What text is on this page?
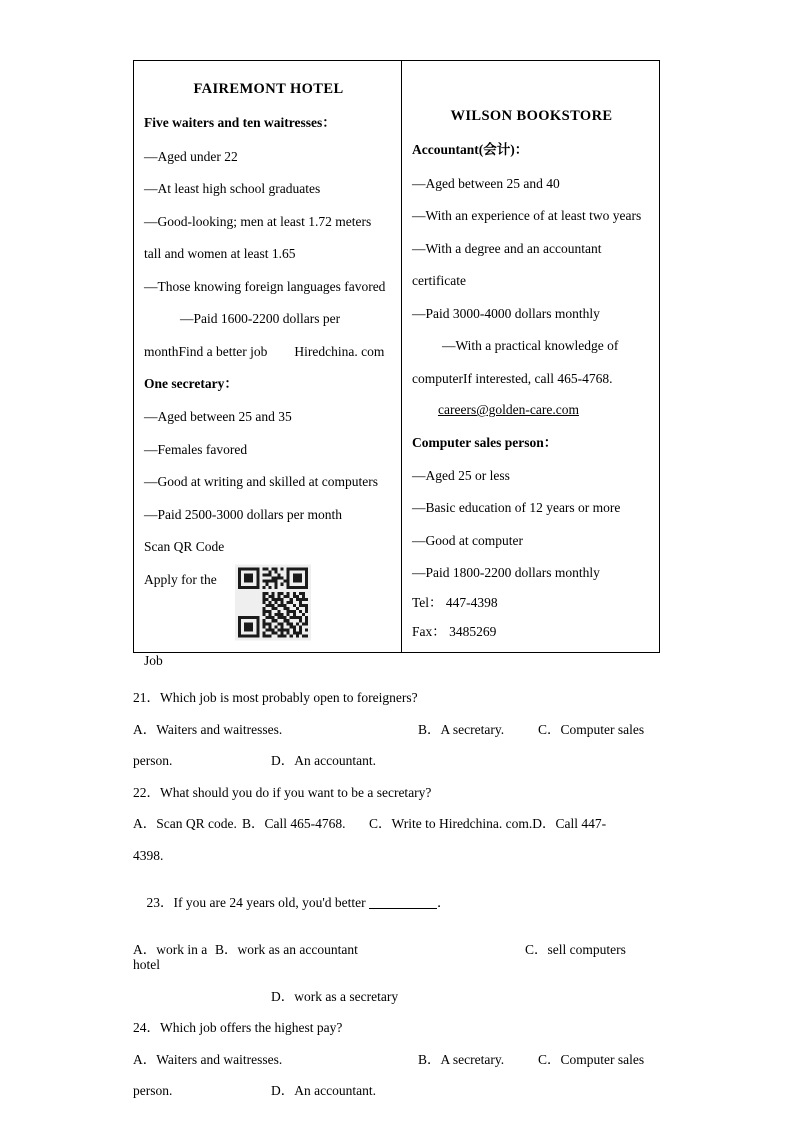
FAIREMONT HOTEL
Five waiters and ten waitresses：
—Aged under 22
—At least high school graduates
—Good-looking; men at least 1.72 meters
tall and women at least 1.65
—Those knowing foreign languages favored
—Paid 1600-2200 dollars per
monthFind a better job　　Hiredchina. com
One secretary：
—Aged between 25 and 35
—Females favored
—Good at writing and skilled at computers
—Paid 2500-3000 dollars per month
Scan QR Code
Apply for the
Job
WILSON BOOKSTORE
Accountant(会计)：
—Aged between 25 and 40
—With an experience of at least two years
—With a degree and an accountant
certificate
—Paid 3000-4000 dollars monthly
—With a practical knowledge of
computerIf interested, call 465-4768.
careers@golden-care.com
Computer sales person：
—Aged 25 or less
—Basic education of 12 years or more
—Good at computer
—Paid 1800-2200 dollars monthly
Tel： 447-4398
Fax： 3485269
21．Which job is most probably open to foreigners?
A．Waiters and waitresses.	B．A secretary.	C．Computer sales
person.	D．An accountant.
22．What should you do if you want to be a secretary?
A．Scan QR code. B．Call 465-4768.	C．Write to Hiredchina. com.D．Call 447-
4398.

23．If you are 24 years old, you'd better	．

A．work in a hotel
B．work as an accountant	C．sell computers
D．work as a secretary
24．Which job offers the highest pay?
A．Waiters and waitresses.	B．A secretary.	C．Computer sales
person.	D．An accountant.
